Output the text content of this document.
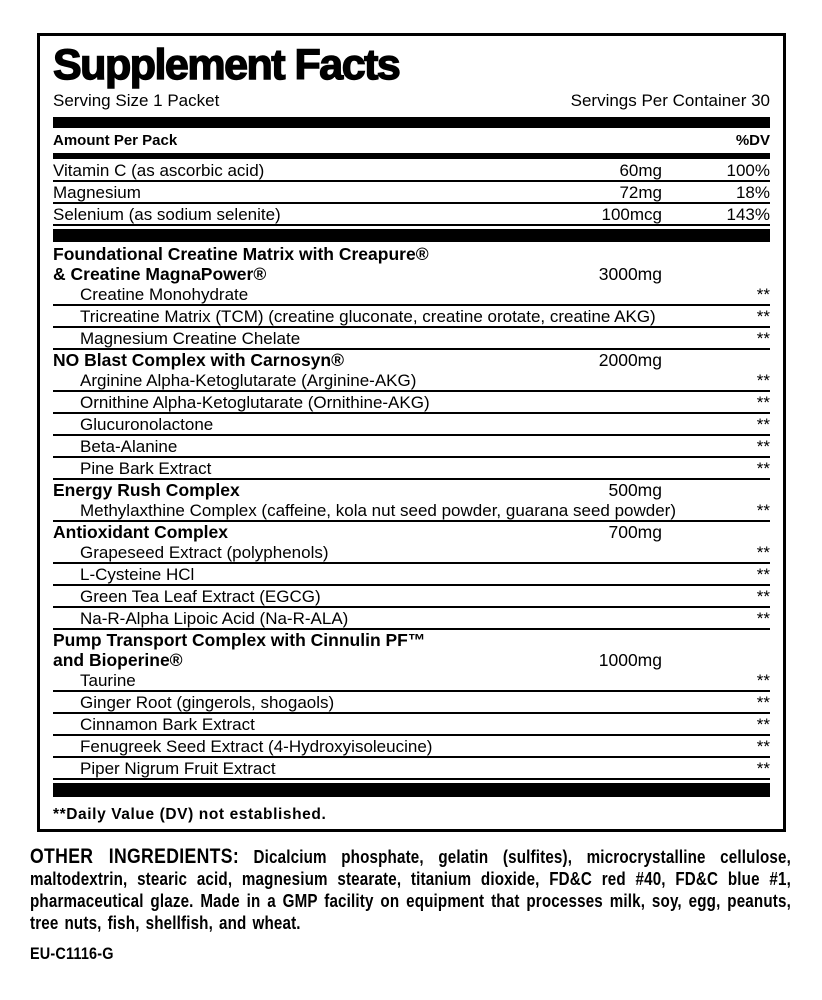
Supplement Facts
Serving Size 1 Packet	Servings Per Container 30
Amount Per Pack	%DV
Vitamin C (as ascorbic acid)	60mg	100%
Magnesium	72mg	18%
Selenium (as sodium selenite)	100mcg	143%
Foundational Creatine Matrix with Creapure®
& Creatine MagnaPower®	3000mg
Creatine Monohydrate	**
Tricreatine Matrix (TCM) (creatine gluconate, creatine orotate, creatine AKG)	**
Magnesium Creatine Chelate	**
NO Blast Complex with Carnosyn®	2000mg
Arginine Alpha-Ketoglutarate (Arginine-AKG)	**
Ornithine Alpha-Ketoglutarate (Ornithine-AKG)	**
Glucuronolactone	**
Beta-Alanine	**
Pine Bark Extract	**
Energy Rush Complex	500mg
Methylaxthine Complex (caffeine, kola nut seed powder, guarana seed powder)	**
Antioxidant Complex	700mg
Grapeseed Extract (polyphenols)	**
L-Cysteine HCl	**
Green Tea Leaf Extract (EGCG)	**
Na-R-Alpha Lipoic Acid (Na-R-ALA)	**
Pump Transport Complex with Cinnulin PF™
and Bioperine®	1000mg
Taurine	**
Ginger Root (gingerols, shogaols)	**
Cinnamon Bark Extract	**
Fenugreek Seed Extract (4-Hydroxyisoleucine)	**
Piper Nigrum Fruit Extract	**
**Daily Value (DV) not established.

OTHER INGREDIENTS: Dicalcium phosphate, gelatin (sulfites), microcrystalline cellulose, maltodextrin, stearic acid, magnesium stearate, titanium dioxide, FD&C red #40, FD&C blue #1, pharmaceutical glaze. Made in a GMP facility on equipment that processes milk, soy, egg, peanuts, tree nuts, fish, shellfish, and wheat.

EU-C1116-G
